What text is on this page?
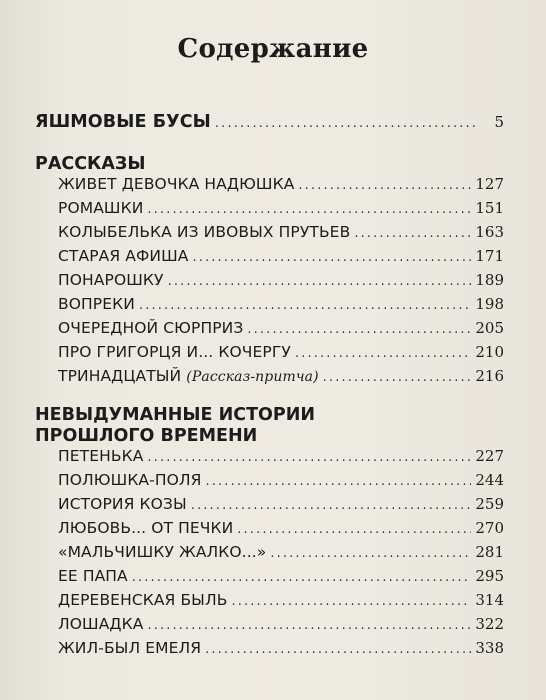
Содержание
ЯШМОВЫЕ БУСЫ . . .	5
РАССКАЗЫ
ЖИВЕТ ДЕВОЧКА НАДЮШКА . . .	127
РОМАШКИ . . .	151
КОЛЫБЕЛЬКА ИЗ ИВОВЫХ ПРУТЬЕВ . . .	163
СТАРАЯ АФИША . . .	171
ПОНАРОШКУ . . .	189
ВОПРЕКИ . . .	198
ОЧЕРЕДНОЙ СЮРПРИЗ . . .	205
ПРО ГРИГОРЦЯ И... КОЧЕРГУ . . .	210
ТРИНАДЦАТЫЙ (Рассказ-притча) . . .	216
НЕВЫДУМАННЫЕ ИСТОРИИ
ПРОШЛОГО ВРЕМЕНИ
ПЕТЕНЬКА . . .	227
ПОЛЮШКА-ПОЛЯ . . .	244
ИСТОРИЯ КОЗЫ . . .	259
ЛЮБОВЬ... ОТ ПЕЧКИ . . .	270
«МАЛЬЧИШКУ ЖАЛКО...» . . .	281
ЕЕ ПАПА . . .	295
ДЕРЕВЕНСКАЯ БЫЛЬ . . .	314
ЛОШАДКА . . .	322
ЖИЛ-БЫЛ ЕМЕЛЯ . . .	338
